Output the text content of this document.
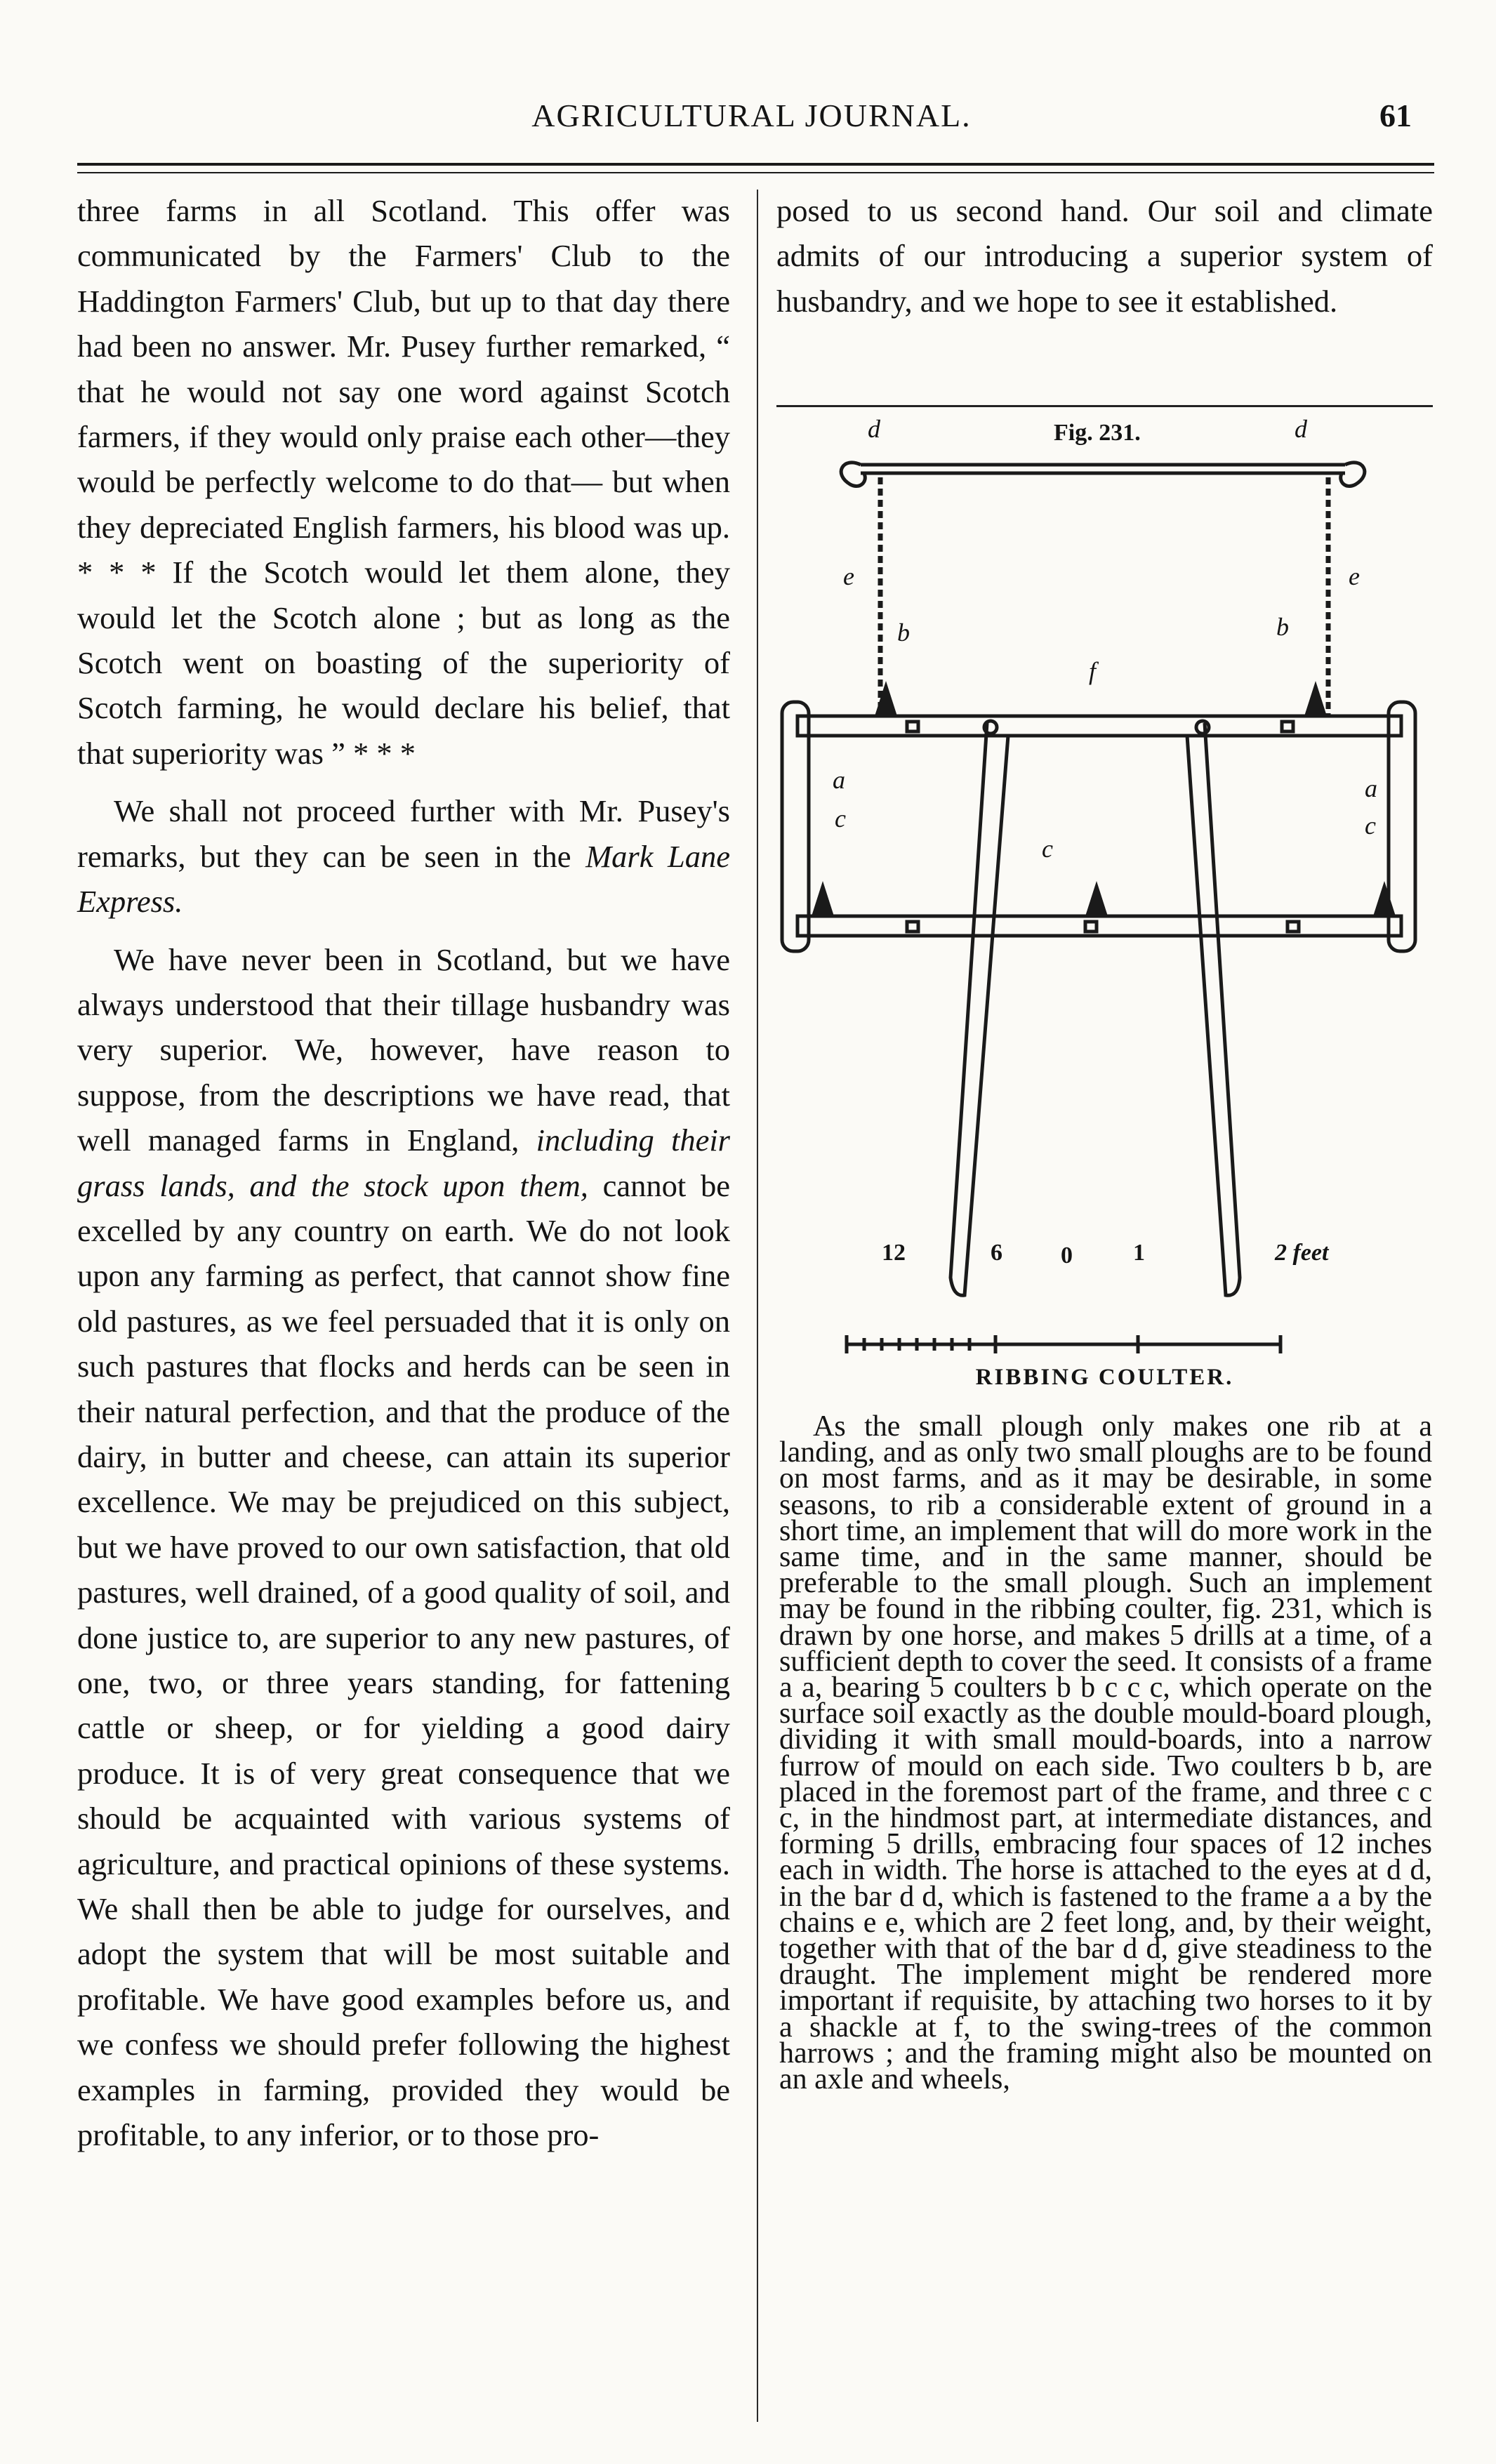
AGRICULTURAL JOURNAL.	61

three farms in all Scotland. This offer was communicated by the Farmers' Club to the Haddington Farmers' Club, but up to that day there had been no answer. Mr. Pusey further remarked, “ that he would not say one word against Scotch farmers, if they would only praise each other—they would be perfectly welcome to do that— but when they depreciated English farmers, his blood was up. * * * If the Scotch would let them alone, they would let the Scotch alone ; but as long as the Scotch went on boasting of the superiority of Scotch farming, he would declare his belief, that that superiority was ” * * *

We shall not proceed further with Mr. Pusey's remarks, but they can be seen in the Mark Lane Express.

We have never been in Scotland, but we have always understood that their tillage husbandry was very superior. We, however, have reason to suppose, from the descriptions we have read, that well managed farms in England, including their grass lands, and the stock upon them, cannot be excelled by any country on earth. We do not look upon any farming as perfect, that cannot show fine old pastures, as we feel persuaded that it is only on such pastures that flocks and herds can be seen in their natural perfection, and that the produce of the dairy, in butter and cheese, can attain its superior excellence. We may be prejudiced on this subject, but we have proved to our own satisfaction, that old pastures, well drained, of a good quality of soil, and done justice to, are superior to any new pastures, of one, two, or three years standing, for fattening cattle or sheep, or for yielding a good dairy produce. It is of very great consequence that we should be acquainted with various systems of agriculture, and practical opinions of these systems. We shall then be able to judge for ourselves, and adopt the system that will be most suitable and profitable. We have good examples before us, and we confess we should prefer following the highest examples in farming, provided they would be profitable, to any inferior, or to those pro-

posed to us second hand. Our soil and climate admits of our introducing a superior system of husbandry, and we hope to see it established.

Fig. 231.
d	d
e	e
b	b
f
a	a
c
c
c
12	6 0	1	2 feet
RIBBING COULTER.

As the small plough only makes one rib at a landing, and as only two small ploughs are to be found on most farms, and as it may be desirable, in some seasons, to rib a considerable extent of ground in a short time, an implement that will do more work in the same time, and in the same manner, should be preferable to the small plough. Such an implement may be found in the ribbing coulter, fig. 231, which is drawn by one horse, and makes 5 drills at a time, of a sufficient depth to cover the seed. It consists of a frame a a, bearing 5 coulters b b c c c, which operate on the surface soil exactly as the double mould-board plough, dividing it with small mould-boards, into a narrow furrow of mould on each side. Two coulters b b, are placed in the foremost part of the frame, and three c c c, in the hindmost part, at intermediate distances, and forming 5 drills, embracing four spaces of 12 inches each in width. The horse is attached to the eyes at d d, in the bar d d, which is fastened to the frame a a by the chains e e, which are 2 feet long, and, by their weight, together with that of the bar d d, give steadiness to the draught. The implement might be rendered more important if requisite, by attaching two horses to it by a shackle at f, to the swing-trees of the common harrows ; and the framing might also be mounted on an axle and wheels,
